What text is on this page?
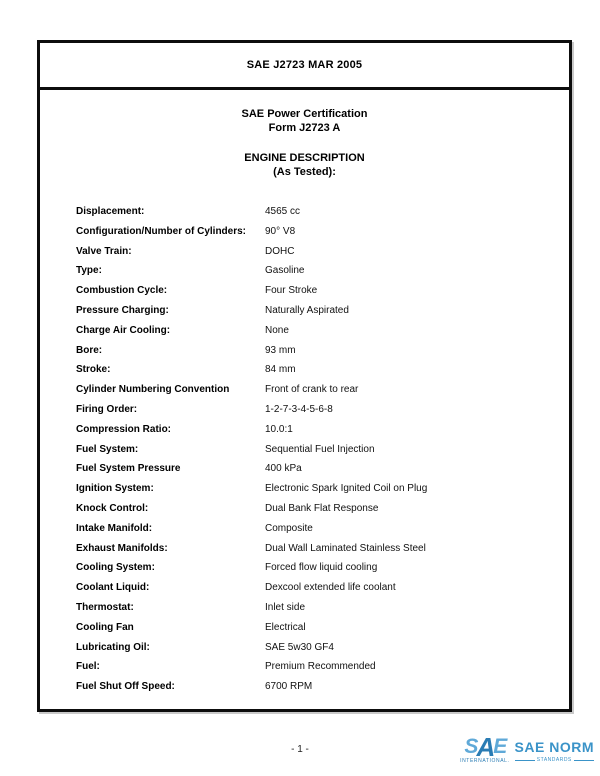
SAE J2723 MAR 2005
SAE Power Certification
Form J2723 A
ENGINE DESCRIPTION
(As Tested):
Displacement:	4565 cc
Configuration/Number of Cylinders:	90° V8
Valve Train:	DOHC
Type:	Gasoline
Combustion Cycle:	Four Stroke
Pressure Charging:	Naturally Aspirated
Charge Air Cooling:	None
Bore:	93 mm
Stroke:	84 mm
Cylinder Numbering Convention	Front of crank to rear
Firing Order:	1-2-7-3-4-5-6-8
Compression Ratio:	10.0:1
Fuel System:	Sequential Fuel Injection
Fuel System Pressure	400 kPa
Ignition System:	Electronic Spark Ignited Coil on Plug
Knock Control:	Dual Bank Flat Response
Intake Manifold:	Composite
Exhaust Manifolds:	Dual Wall Laminated Stainless Steel
Cooling System:	Forced flow liquid cooling
Coolant Liquid:	Dexcool extended life coolant
Thermostat:	Inlet side
Cooling Fan	Electrical
Lubricating Oil:	SAE 5w30 GF4
Fuel:	Premium Recommended
Fuel Shut Off Speed:	6700 RPM
- 1 -	S A E
INTERNATIONAL.
SAE NORM
STANDARDS
